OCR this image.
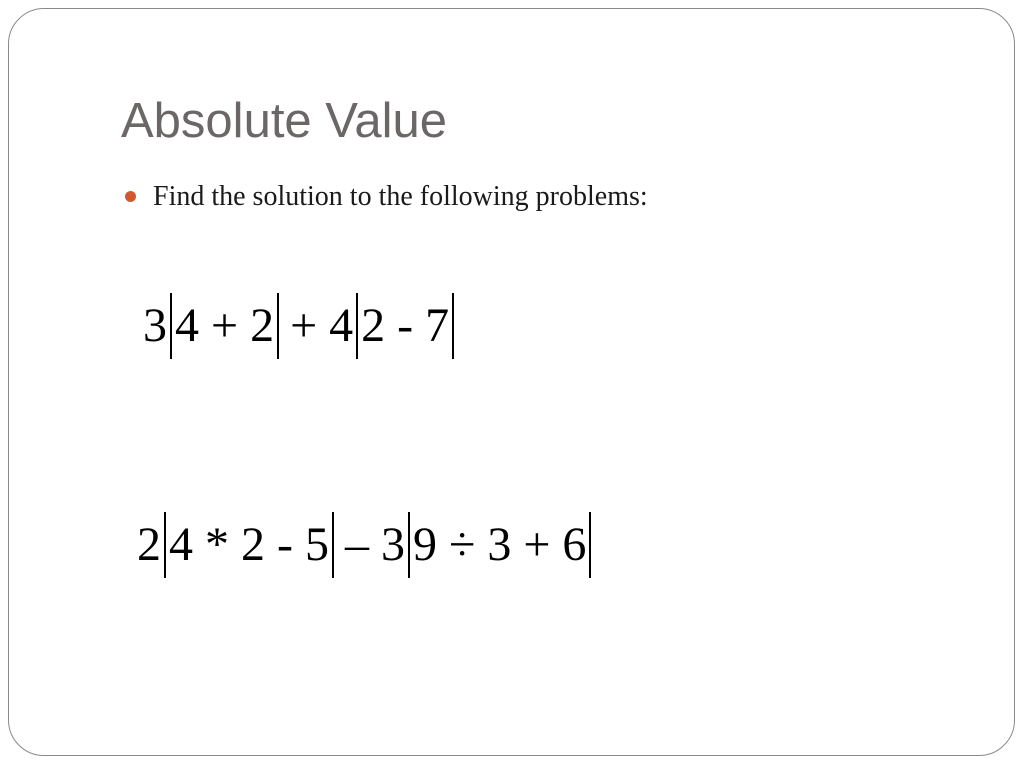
Absolute Value
Find the solution to the following problems:
3 4 + 2 + 4 2 - 7
2 4 * 2 - 5 – 3 9 ÷ 3 + 6
